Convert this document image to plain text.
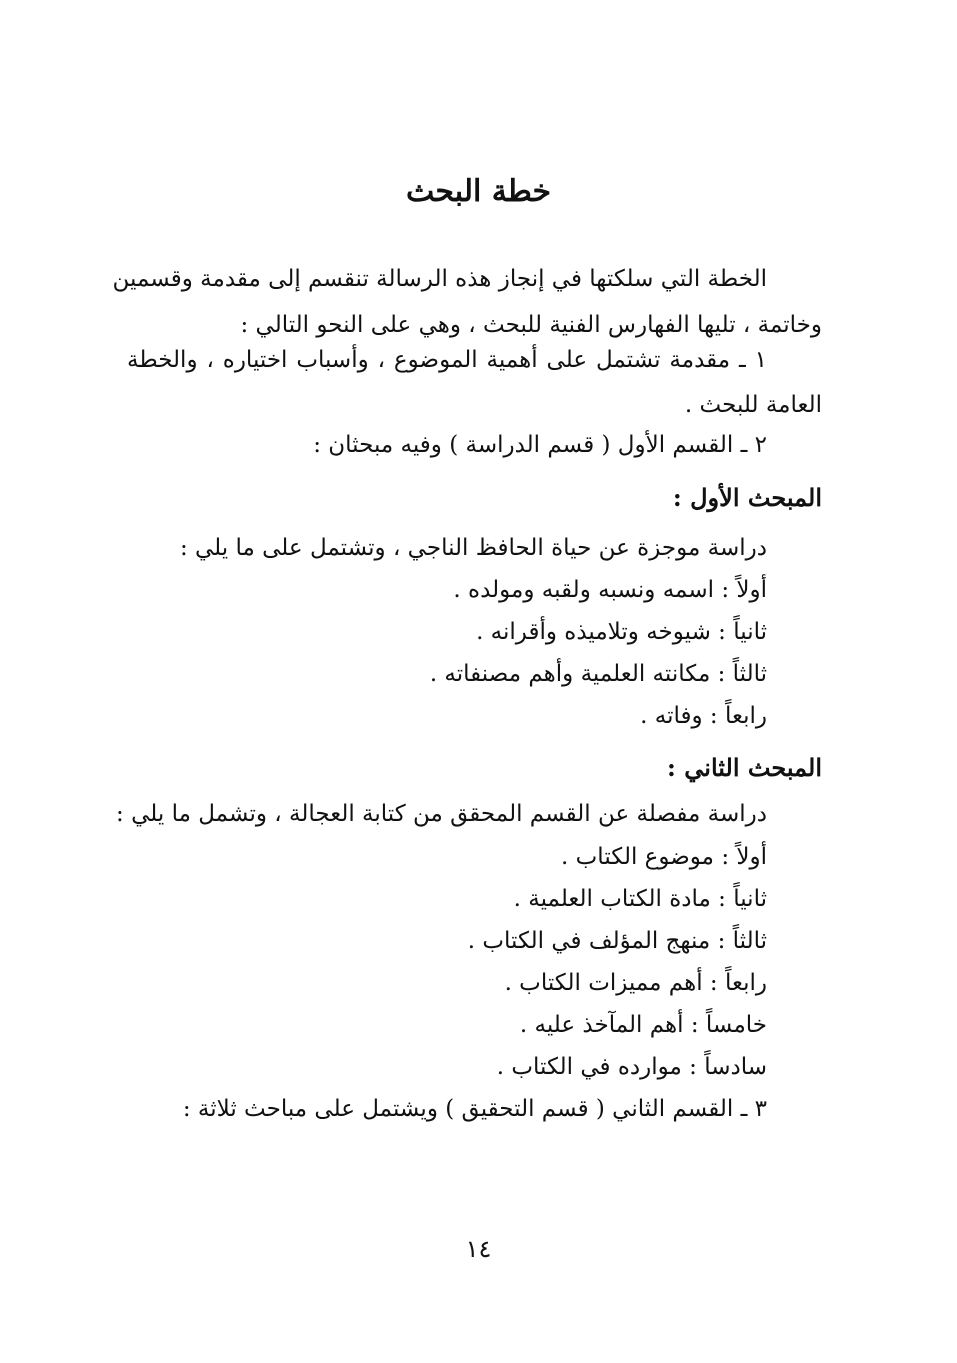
خطة البحث

الخطة التي سلكتها في إنجاز هذه الرسالة تنقسم إلى مقدمة وقسمين

وخاتمة ، تليها الفهارس الفنية للبحث ، وهي على النحو التالي :

١ ـ مقدمة تشتمل على أهمية الموضوع ، وأسباب اختياره ، والخطة

العامة للبحث .

٢ ـ القسم الأول ( قسم الدراسة ) وفيه مبحثان :

المبحث الأول :

دراسة موجزة عن حياة الحافظ الناجي ، وتشتمل على ما يلي :

أولاً : اسمه ونسبه ولقبه ومولده .

ثانياً : شيوخه وتلاميذه وأقرانه .

ثالثاً : مكانته العلمية وأهم مصنفاته .

رابعاً : وفاته .

المبحث الثاني :

دراسة مفصلة عن القسم المحقق من كتابة العجالة ، وتشمل ما يلي :

أولاً : موضوع الكتاب .

ثانياً : مادة الكتاب العلمية .

ثالثاً : منهج المؤلف في الكتاب .

رابعاً : أهم مميزات الكتاب .

خامساً : أهم المآخذ عليه .

سادساً : موارده في الكتاب .

٣ ـ القسم الثاني ( قسم التحقيق ) ويشتمل على مباحث ثلاثة :

١٤
